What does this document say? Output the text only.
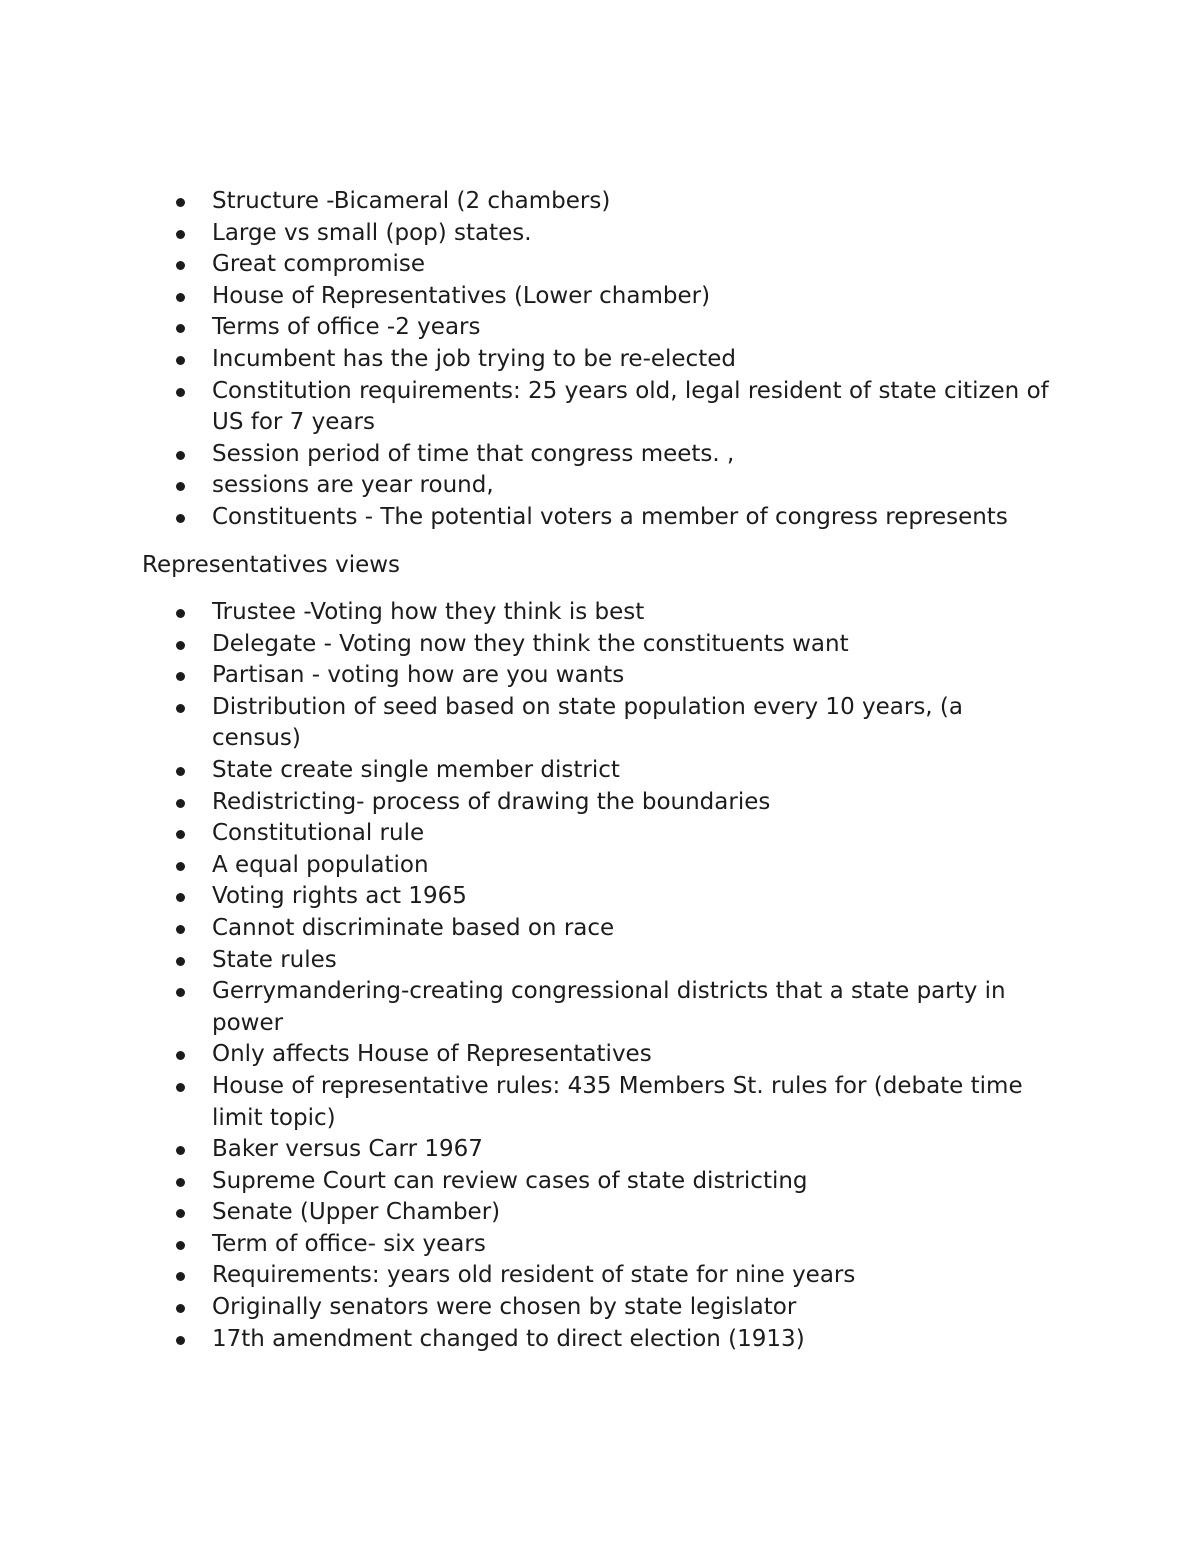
Structure -Bicameral (2 chambers)
Large vs small (pop) states.
Great compromise
House of Representatives (Lower chamber)
Terms of office -2 years
Incumbent has the job trying to be re-elected
Constitution requirements: 25 years old, legal resident of state citizen of US for 7 years
Session period of time that congress meets. ,
sessions are year round,
Constituents - The potential voters a member of congress represents
Representatives views
Trustee -Voting how they think is best
Delegate - Voting now they think the constituents want
Partisan - voting how are you wants
Distribution of seed based on state population every 10 years, (a census)
State create single member district
Redistricting- process of drawing the boundaries
Constitutional rule
A equal population
Voting rights act 1965
Cannot discriminate based on race
State rules
Gerrymandering-creating congressional districts that a state party in power
Only affects House of Representatives
House of representative rules: 435 Members St. rules for (debate time limit topic)
Baker versus Carr 1967
Supreme Court can review cases of state districting
Senate (Upper Chamber)
Term of office- six years
Requirements: years old resident of state for nine years
Originally senators were chosen by state legislator
17th amendment changed to direct election (1913)
